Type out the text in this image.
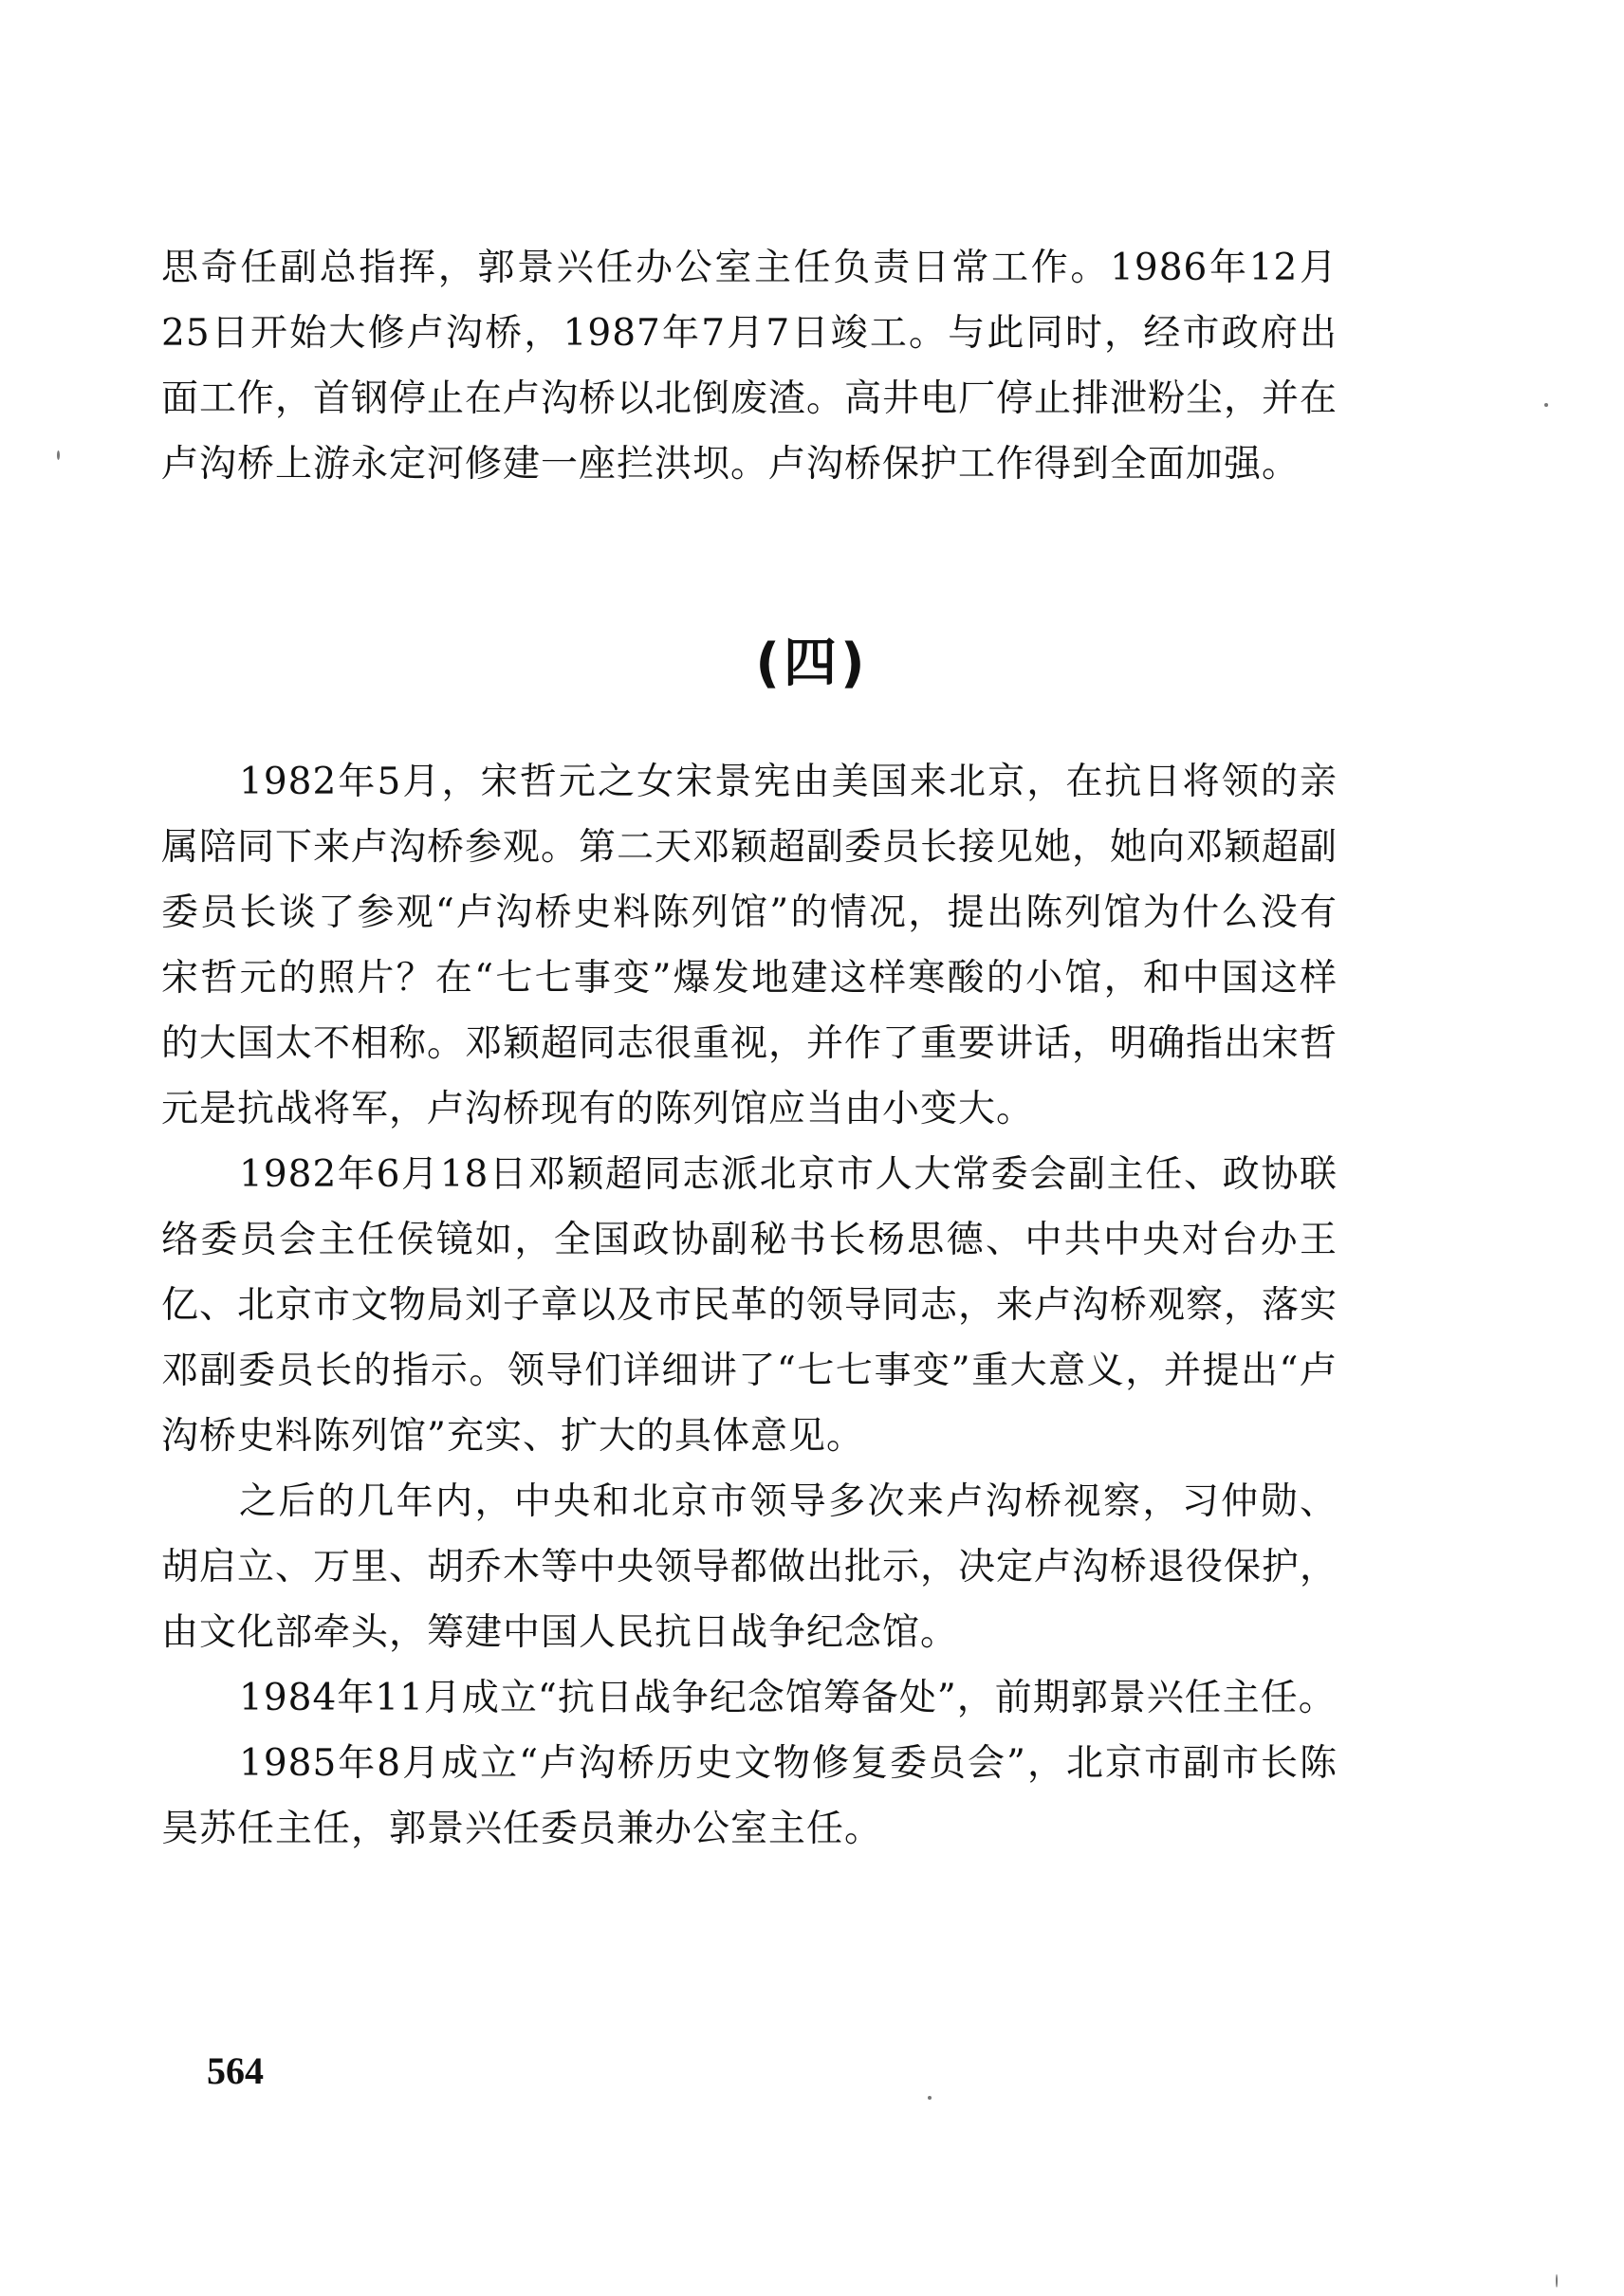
思奇任副总指挥，郭景兴任办公室主任负责日常工作。1986年12月25日开始大修卢沟桥，1987年7月7日竣工。与此同时，经市政府出面工作，首钢停止在卢沟桥以北倒废渣。高井电厂停止排泄粉尘，并在卢沟桥上游永定河修建一座拦洪坝。卢沟桥保护工作得到全面加强。

(四)

1982年5月，宋哲元之女宋景宪由美国来北京，在抗日将领的亲属陪同下来卢沟桥参观。第二天邓颖超副委员长接见她，她向邓颖超副委员长谈了参观“卢沟桥史料陈列馆”的情况，提出陈列馆为什么没有宋哲元的照片？在“七七事变”爆发地建这样寒酸的小馆，和中国这样的大国太不相称。邓颖超同志很重视，并作了重要讲话，明确指出宋哲元是抗战将军，卢沟桥现有的陈列馆应当由小变大。

1982年6月18日邓颖超同志派北京市人大常委会副主任、政协联络委员会主任侯镜如，全国政协副秘书长杨思德、中共中央对台办王亿、北京市文物局刘子章以及市民革的领导同志，来卢沟桥观察，落实邓副委员长的指示。领导们详细讲了“七七事变”重大意义，并提出“卢沟桥史料陈列馆”充实、扩大的具体意见。

之后的几年内，中央和北京市领导多次来卢沟桥视察，习仲勋、胡启立、万里、胡乔木等中央领导都做出批示，决定卢沟桥退役保护，由文化部牵头，筹建中国人民抗日战争纪念馆。

1984年11月成立“抗日战争纪念馆筹备处”，前期郭景兴任主任。

1985年8月成立“卢沟桥历史文物修复委员会”，北京市副市长陈昊苏任主任，郭景兴任委员兼办公室主任。

564
